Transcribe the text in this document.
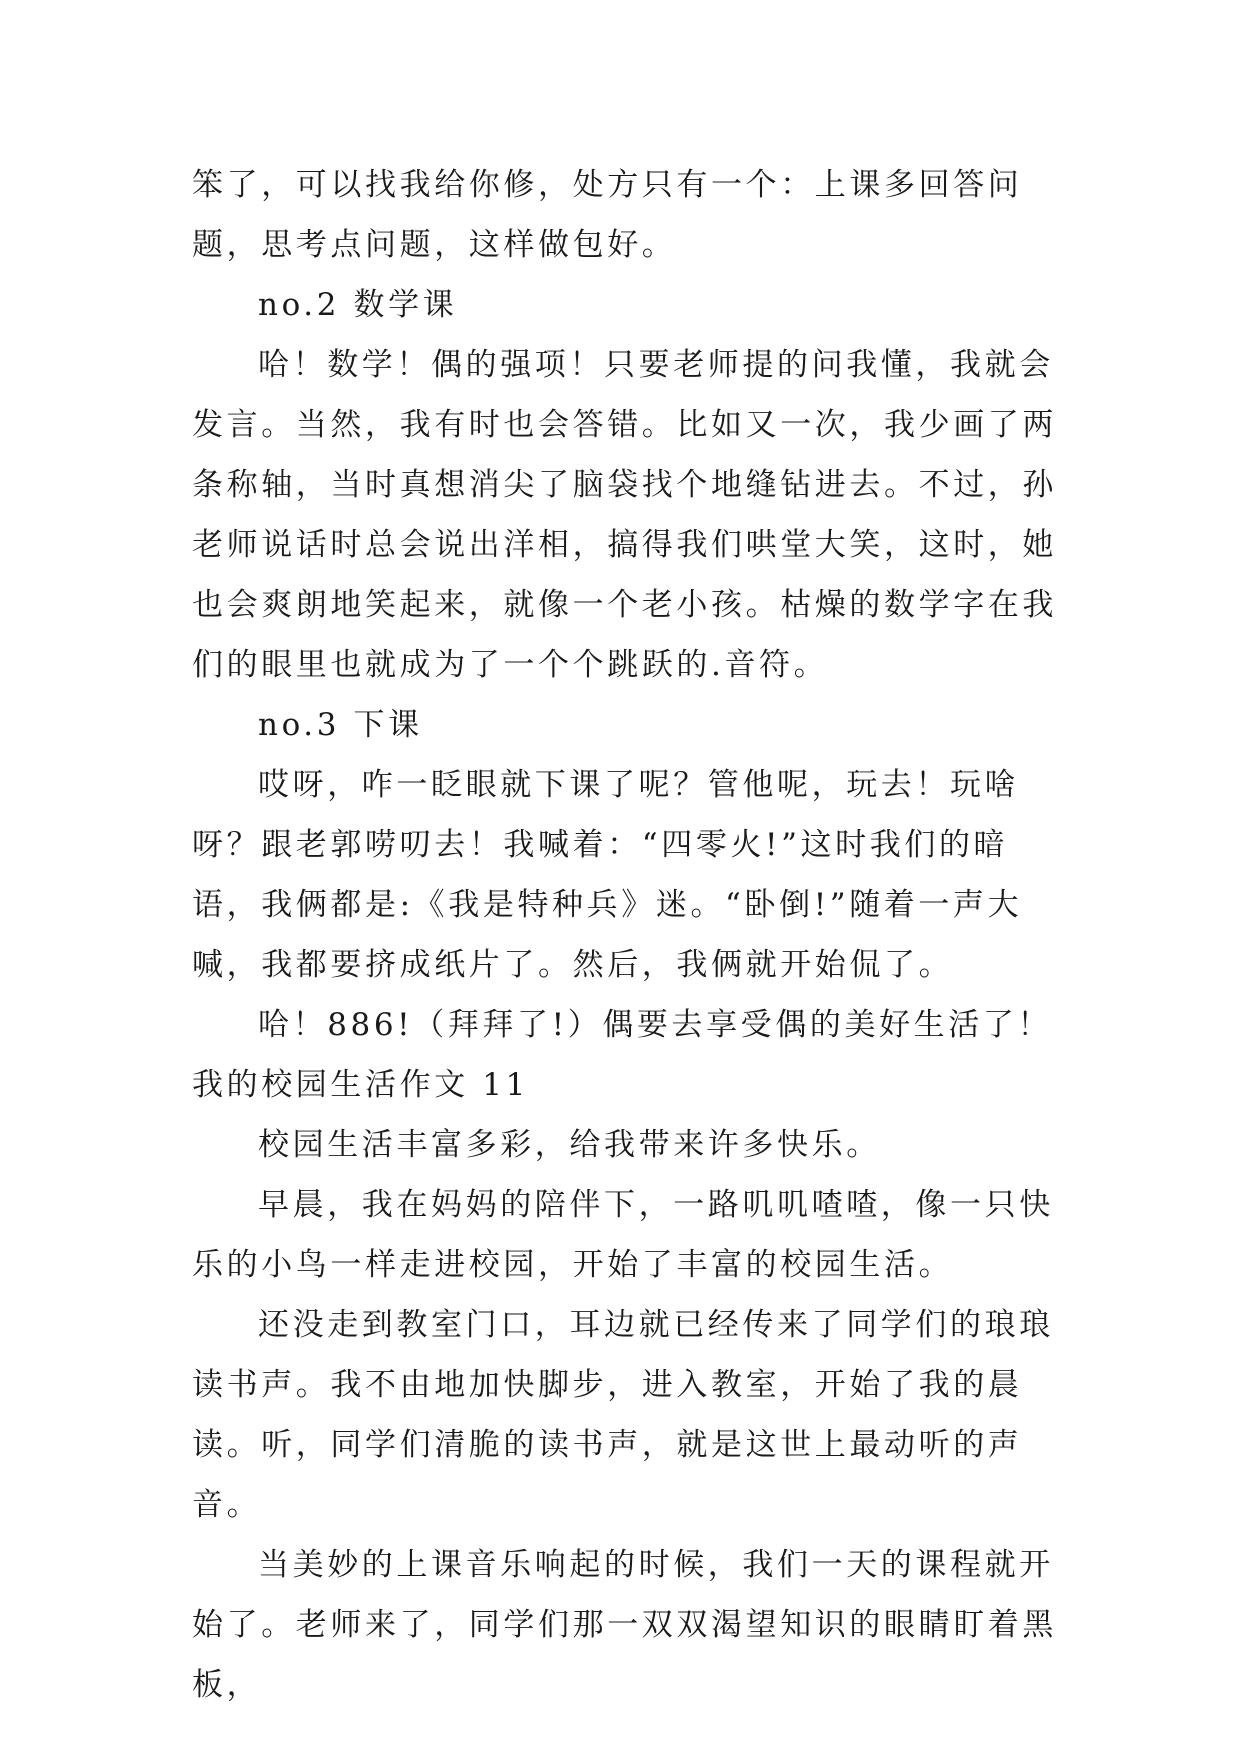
笨了，可以找我给你修，处方只有一个：上课多回答问题，思考点问题，这样做包好。

no.2 数学课

哈！数学！偶的强项！只要老师提的问我懂，我就会发言。当然，我有时也会答错。比如又一次，我少画了两条称轴，当时真想消尖了脑袋找个地缝钻进去。不过，孙老师说话时总会说出洋相，搞得我们哄堂大笑，这时，她也会爽朗地笑起来，就像一个老小孩。枯燥的数学字在我们的眼里也就成为了一个个跳跃的.音符。

no.3 下课

哎呀，咋一眨眼就下课了呢？管他呢，玩去！玩啥呀？跟老郭唠叨去！我喊着：“四零火!”这时我们的暗语，我俩都是:《我是特种兵》迷。“卧倒!”随着一声大喊，我都要挤成纸片了。然后，我俩就开始侃了。

哈！886!（拜拜了!）偶要去享受偶的美好生活了！

我的校园生活作文 11

校园生活丰富多彩，给我带来许多快乐。

早晨，我在妈妈的陪伴下，一路叽叽喳喳，像一只快乐的小鸟一样走进校园，开始了丰富的校园生活。

还没走到教室门口，耳边就已经传来了同学们的琅琅读书声。我不由地加快脚步，进入教室，开始了我的晨读。听，同学们清脆的读书声，就是这世上最动听的声音。

当美妙的上课音乐响起的时候，我们一天的课程就开始了。老师来了，同学们那一双双渴望知识的眼睛盯着黑板，
